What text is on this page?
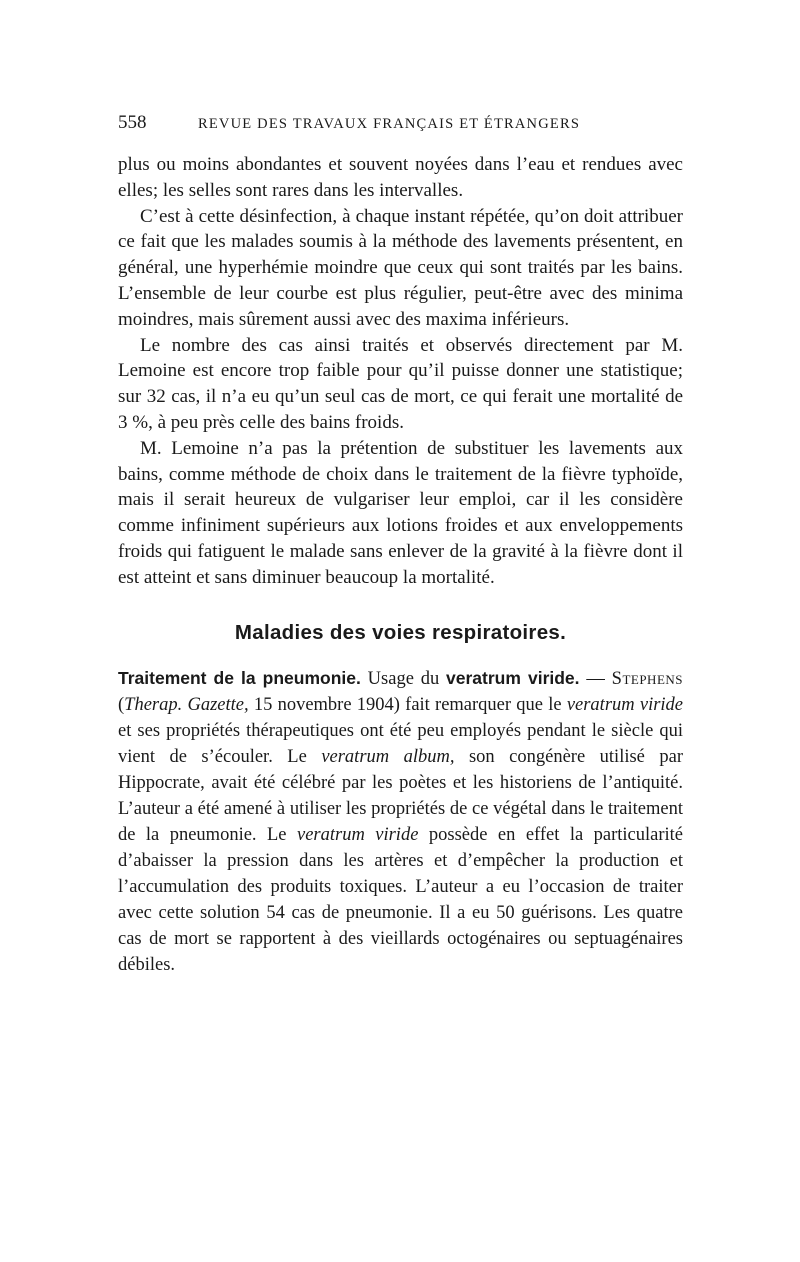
558	REVUE DES TRAVAUX FRANÇAIS ET ÉTRANGERS

plus ou moins abondantes et souvent noyées dans l’eau et rendues avec elles; les selles sont rares dans les intervalles.

C’est à cette désinfection, à chaque instant répétée, qu’on doit attribuer ce fait que les malades soumis à la méthode des lavements présentent, en général, une hyperhémie moindre que ceux qui sont traités par les bains. L’ensemble de leur courbe est plus régulier, peut-être avec des minima moindres, mais sûrement aussi avec des maxima inférieurs.

Le nombre des cas ainsi traités et observés directement par M. Lemoine est encore trop faible pour qu’il puisse donner une statistique; sur 32 cas, il n’a eu qu’un seul cas de mort, ce qui ferait une mortalité de 3 %, à peu près celle des bains froids.

M. Lemoine n’a pas la prétention de substituer les lavements aux bains, comme méthode de choix dans le traitement de la fièvre typhoïde, mais il serait heureux de vulgariser leur emploi, car il les considère comme infiniment supérieurs aux lotions froides et aux enveloppements froids qui fatiguent le malade sans enlever de la gravité à la fièvre dont il est atteint et sans diminuer beaucoup la mortalité.

Maladies des voies respiratoires.

Traitement de la pneumonie. Usage du veratrum viride. — Stephens (Therap. Gazette, 15 novembre 1904) fait remarquer que le veratrum viride et ses propriétés thérapeutiques ont été peu employés pendant le siècle qui vient de s’écouler. Le veratrum album, son congénère utilisé par Hippocrate, avait été célébré par les poètes et les historiens de l’antiquité. L’auteur a été amené à utiliser les propriétés de ce végétal dans le traitement de la pneumonie. Le veratrum viride possède en effet la particularité d’abaisser la pression dans les artères et d’empêcher la production et l’accumulation des produits toxiques. L’auteur a eu l’occasion de traiter avec cette solution 54 cas de pneumonie. Il a eu 50 guérisons. Les quatre cas de mort se rapportent à des vieillards octogénaires ou septuagénaires débiles.
